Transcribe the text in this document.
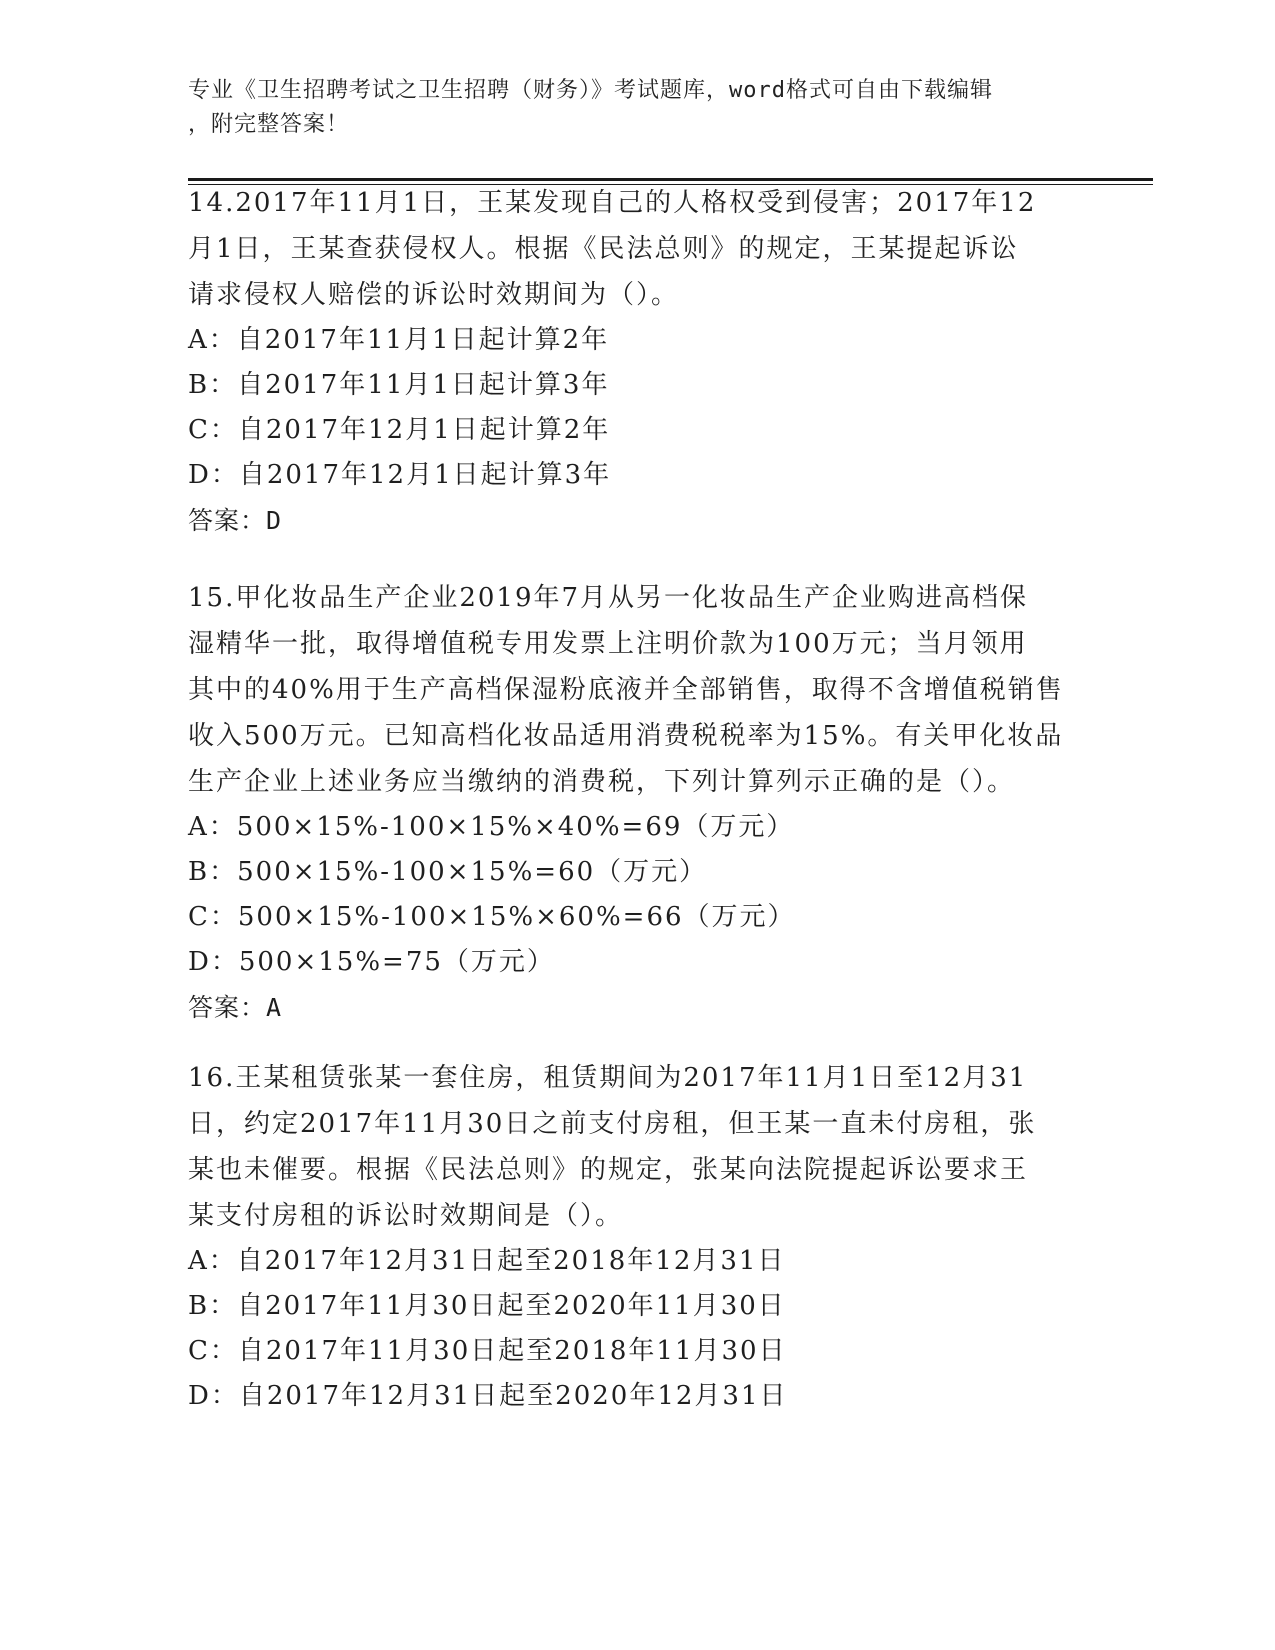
专业《卫生招聘考试之卫生招聘（财务）》考试题库，word格式可自由下载编辑
，附完整答案！
14.2017年11月1日，王某发现自己的人格权受到侵害；2017年12
月1日，王某查获侵权人。根据《民法总则》的规定，王某提起诉讼
请求侵权人赔偿的诉讼时效期间为（）。
A：自2017年11月1日起计算2年
B：自2017年11月1日起计算3年
C：自2017年12月1日起计算2年
D：自2017年12月1日起计算3年
答案：D
15.甲化妆品生产企业2019年7月从另一化妆品生产企业购进高档保
湿精华一批，取得增值税专用发票上注明价款为100万元；当月领用
其中的40%用于生产高档保湿粉底液并全部销售，取得不含增值税销售
收入500万元。已知高档化妆品适用消费税税率为15%。有关甲化妆品
生产企业上述业务应当缴纳的消费税，下列计算列示正确的是（）。
A：500×15%-100×15%×40%=69（万元）
B：500×15%-100×15%=60（万元）
C：500×15%-100×15%×60%=66（万元）
D：500×15%=75（万元）
答案：A
16.王某租赁张某一套住房，租赁期间为2017年11月1日至12月31
日，约定2017年11月30日之前支付房租，但王某一直未付房租，张
某也未催要。根据《民法总则》的规定，张某向法院提起诉讼要求王
某支付房租的诉讼时效期间是（）。
A：自2017年12月31日起至2018年12月31日
B：自2017年11月30日起至2020年11月30日
C：自2017年11月30日起至2018年11月30日
D：自2017年12月31日起至2020年12月31日
